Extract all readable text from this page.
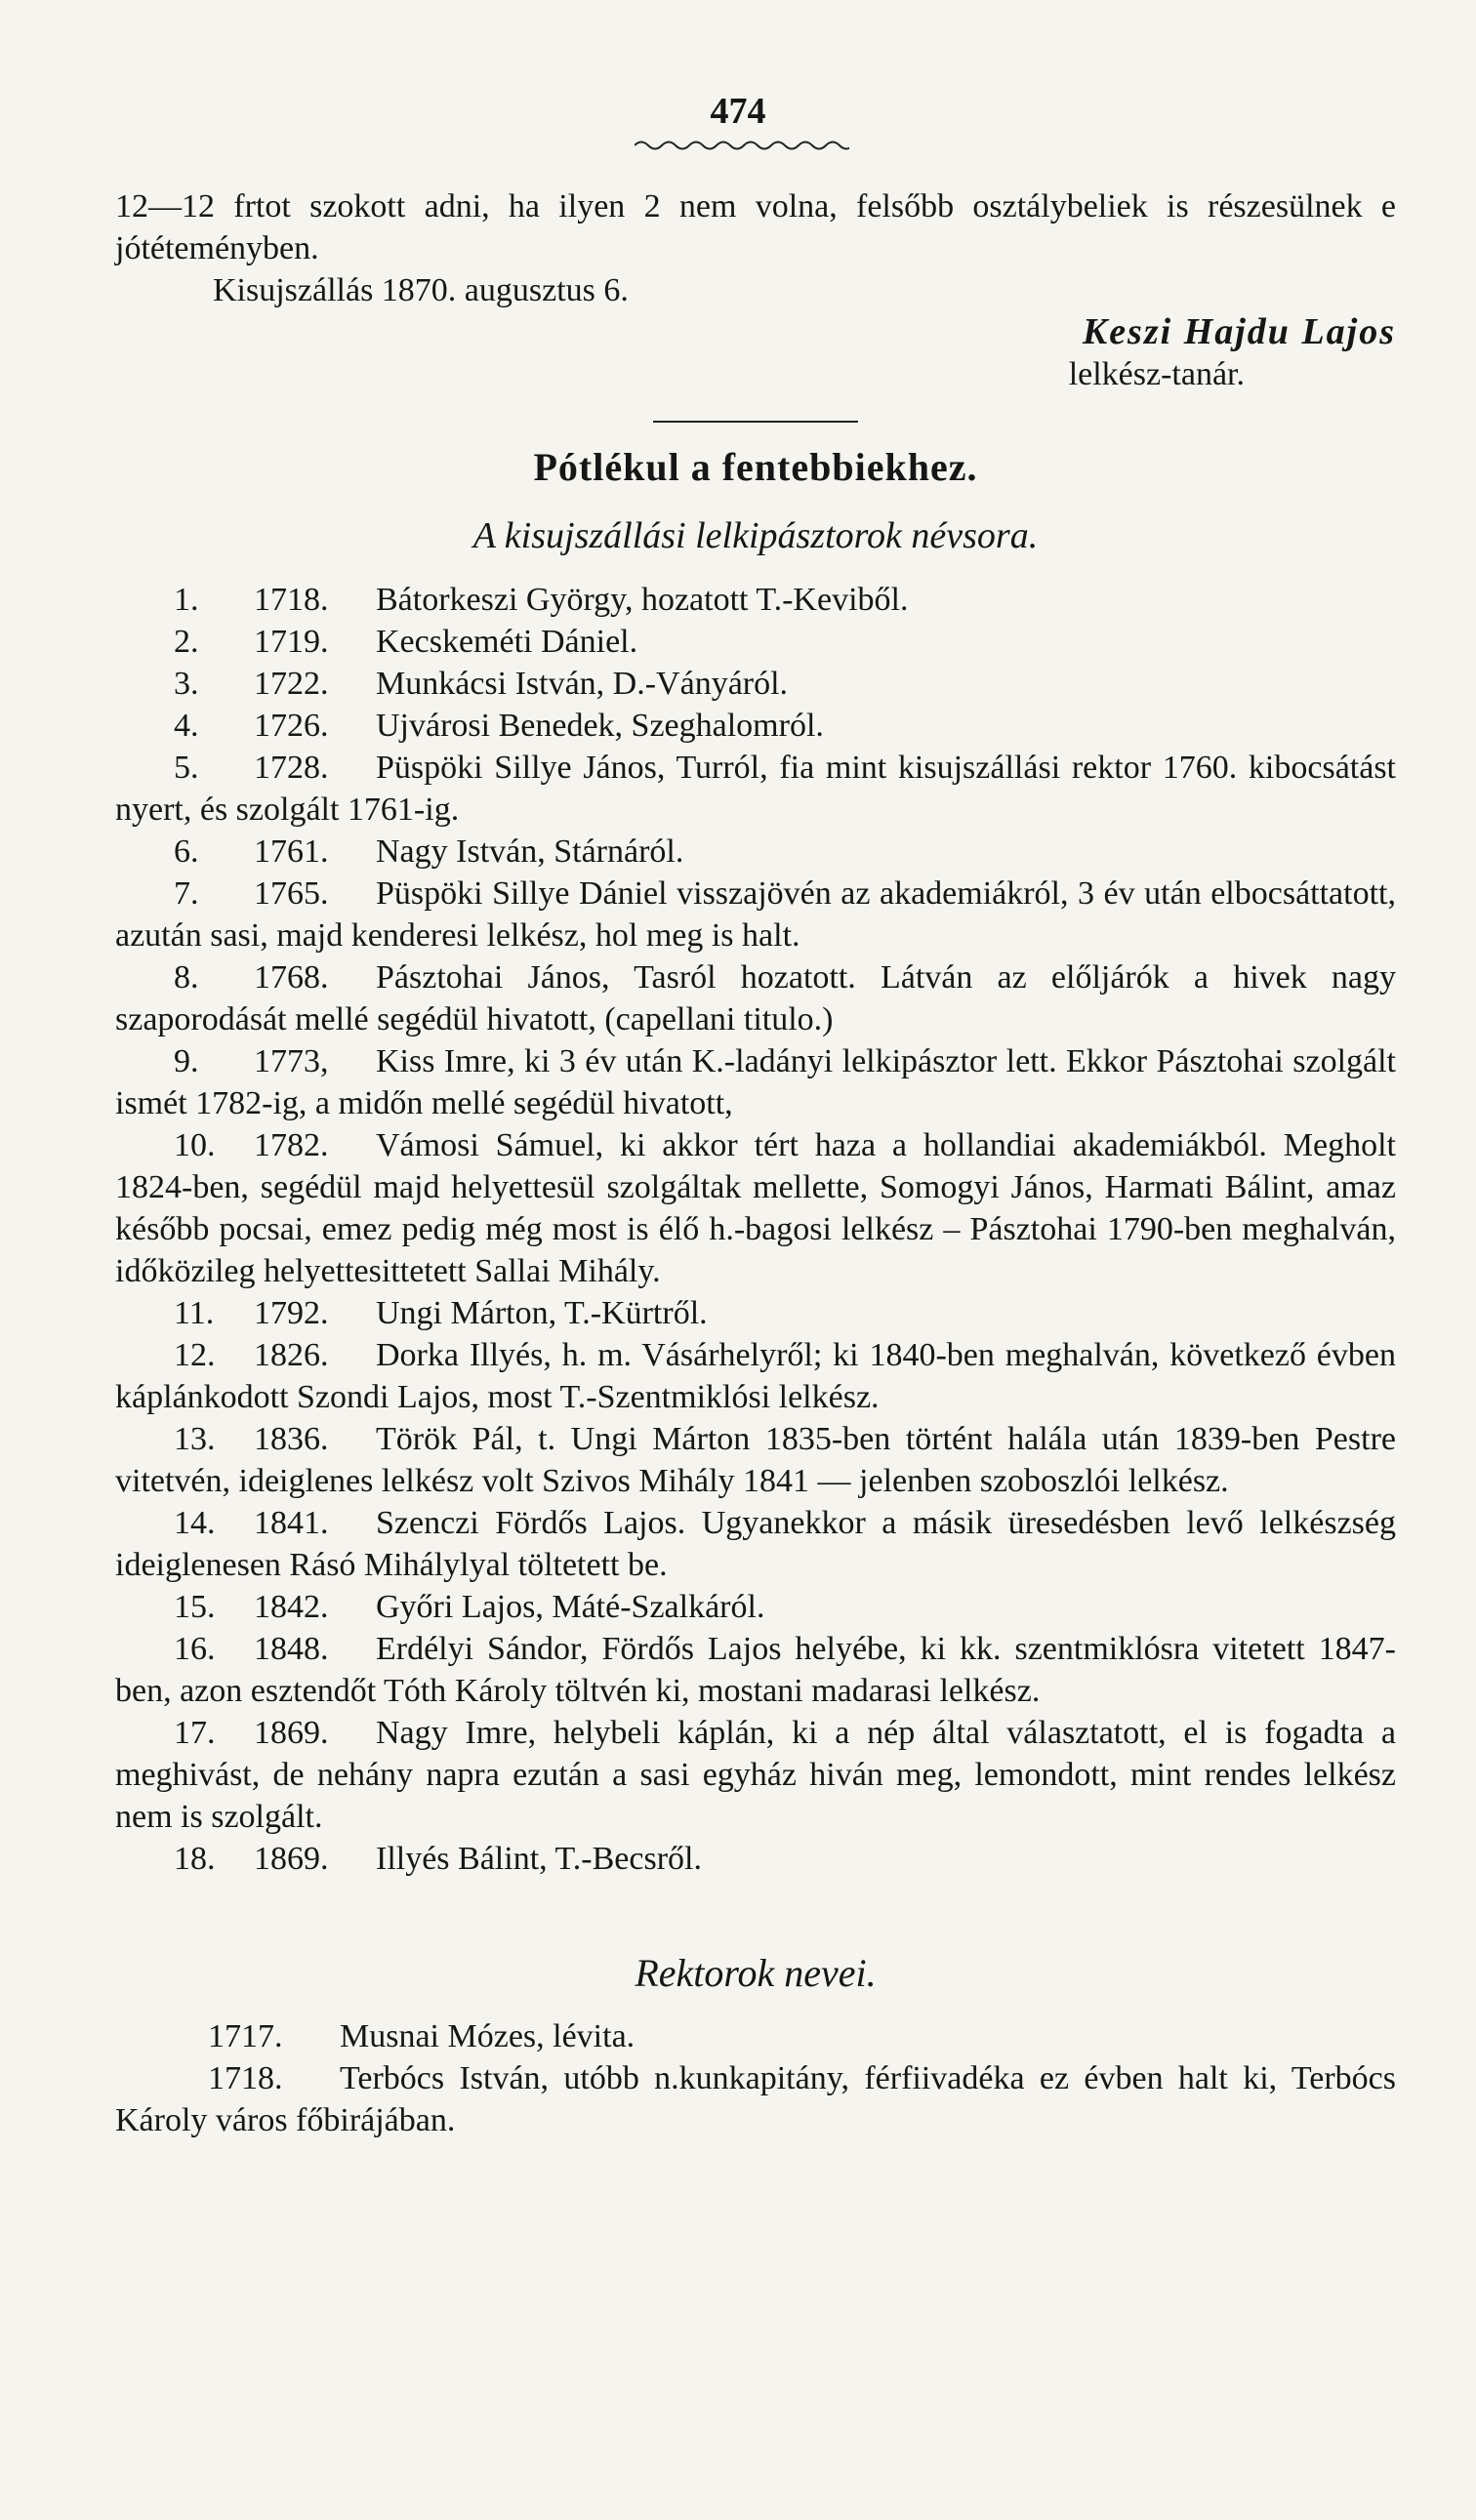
474
12—12 frtot szokott adni, ha ilyen 2 nem volna, felsőbb osztálybeliek is részesülnek e jótéteményben.
Kisujszállás 1870. augusztus 6.
Keszi Hajdu Lajos
lelkész-tanár.
Pótlékul a fentebbiekhez.
A kisujszállási lelkipásztorok névsora.
1. 1718. Bátorkeszi György, hozatott T.-Keviből.
2. 1719. Kecskeméti Dániel.
3. 1722. Munkácsi István, D.-Ványáról.
4. 1726. Ujvárosi Benedek, Szeghalomról.
5. 1728. Püspöki Sillye János, Turról, fia mint kisujszállási rektor 1760. kibocsátást nyert, és szolgált 1761-ig.
6. 1761. Nagy István, Stárnáról.
7. 1765. Püspöki Sillye Dániel visszajövén az akademiákról, 3 év után elbocsáttatott, azután sasi, majd kenderesi lelkész, hol meg is halt.
8. 1768. Pásztohai János, Tasról hozatott. Látván az előljárók a hivek nagy szaporodását mellé segédül hivatott, (capellani titulo.)
9. 1773, Kiss Imre, ki 3 év után K.-ladányi lelkipásztor lett. Ekkor Pásztohai szolgált ismét 1782-ig, a midőn mellé segédül hivatott,
10. 1782. Vámosi Sámuel, ki akkor tért haza a hollandiai akademiákból. Megholt 1824-ben, segédül majd helyettesül szolgáltak mellette, Somogyi János, Harmati Bálint, amaz később pocsai, emez pedig még most is élő h.-bagosi lelkész – Pásztohai 1790-ben meghalván, időközileg helyettesittetett Sallai Mihály.
11. 1792. Ungi Márton, T.-Kürtről.
12. 1826. Dorka Illyés, h. m. Vásárhelyről; ki 1840-ben meghalván, következő évben káplánkodott Szondi Lajos, most T.-Szentmiklósi lelkész.
13. 1836. Török Pál, t. Ungi Márton 1835-ben történt halála után 1839-ben Pestre vitetvén, ideiglenes lelkész volt Szivos Mihály 1841 — jelenben szoboszlói lelkész.
14. 1841. Szenczi Fördős Lajos. Ugyanekkor a másik üresedésben levő lelkészség ideiglenesen Rásó Mihálylyal töltetett be.
15. 1842. Győri Lajos, Máté-Szalkáról.
16. 1848. Erdélyi Sándor, Fördős Lajos helyébe, ki kk. szentmiklósra vitetett 1847-ben, azon esztendőt Tóth Károly töltvén ki, mostani madarasi lelkész.
17. 1869. Nagy Imre, helybeli káplán, ki a nép által választatott, el is fogadta a meghivást, de nehány napra ezután a sasi egyház hiván meg, lemondott, mint rendes lelkész nem is szolgált.
18. 1869. Illyés Bálint, T.-Becsről.
Rektorok nevei.
1717. Musnai Mózes, lévita.
1718. Terbócs István, utóbb n.kunkapitány, férfiivadéka ez évben halt ki, Terbócs Károly város főbirájában.
